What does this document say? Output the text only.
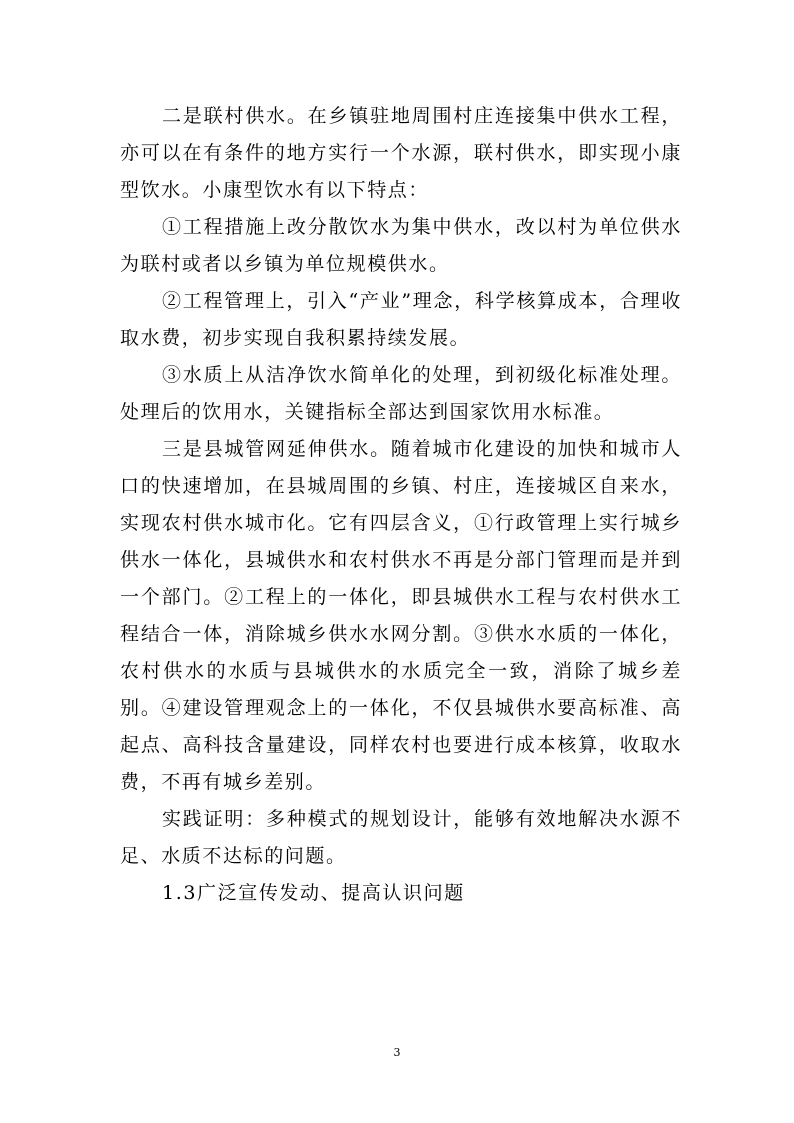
二是联村供水。在乡镇驻地周围村庄连接集中供水工程，亦可以在有条件的地方实行一个水源，联村供水，即实现小康型饮水。小康型饮水有以下特点：

①工程措施上改分散饮水为集中供水，改以村为单位供水为联村或者以乡镇为单位规模供水。

②工程管理上，引入“产业”理念，科学核算成本，合理收取水费，初步实现自我积累持续发展。

③水质上从洁净饮水简单化的处理，到初级化标准处理。处理后的饮用水，关键指标全部达到国家饮用水标准。

三是县城管网延伸供水。随着城市化建设的加快和城市人口的快速增加，在县城周围的乡镇、村庄，连接城区自来水，实现农村供水城市化。它有四层含义，①行政管理上实行城乡供水一体化，县城供水和农村供水不再是分部门管理而是并到一个部门。②工程上的一体化，即县城供水工程与农村供水工程结合一体，消除城乡供水水网分割。③供水水质的一体化，农村供水的水质与县城供水的水质完全一致，消除了城乡差别。④建设管理观念上的一体化，不仅县城供水要高标准、高起点、高科技含量建设，同样农村也要进行成本核算，收取水费，不再有城乡差别。

实践证明：多种模式的规划设计，能够有效地解决水源不足、水质不达标的问题。

1.3广泛宣传发动、提高认识问题

3
